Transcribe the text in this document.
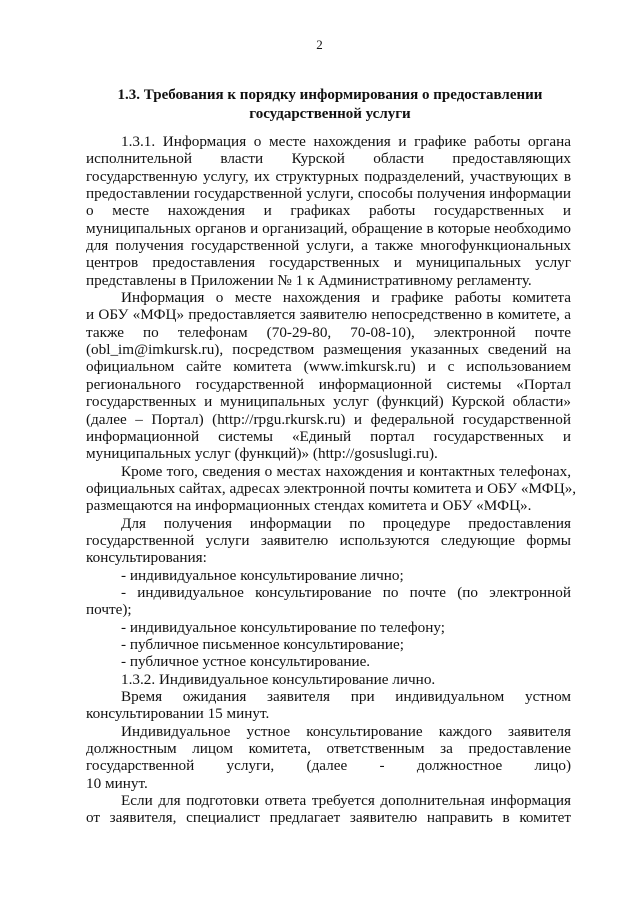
2
1.3. Требования к порядку информирования о предоставлении государственной услуги
1.3.1. Информация о месте нахождения и графике работы органа
исполнительной власти Курской области предоставляющих
государственную услугу, их структурных подразделений, участвующих в
предоставлении государственной услуги, способы получения информации
о месте нахождения и графиках работы государственных и
муниципальных органов и организаций, обращение в которые необходимо
для получения государственной услуги, а также многофункциональных
центров предоставления государственных и муниципальных услуг
представлены в Приложении № 1 к Административному регламенту.
Информация о месте нахождения и графике работы комитета
и ОБУ «МФЦ» предоставляется заявителю непосредственно в комитете, а
также по телефонам (70-29-80, 70-08-10), электронной почте
(obl_im@imkursk.ru), посредством размещения указанных сведений на
официальном сайте комитета (www.imkursk.ru) и с использованием
регионального государственной информационной системы «Портал
государственных и муниципальных услуг (функций) Курской области»
(далее – Портал) (http://rpgu.rkursk.ru) и федеральной государственной
информационной системы «Единый портал государственных и
муниципальных услуг (функций)» (http://gosuslugi.ru).
Кроме того, сведения о местах нахождения и контактных телефонах,
официальных сайтах, адресах электронной почты комитета и ОБУ «МФЦ»,
размещаются на информационных стендах комитета и ОБУ «МФЦ».
Для получения информации по процедуре предоставления
государственной услуги заявителю используются следующие формы
консультирования:
- индивидуальное консультирование лично;
- индивидуальное консультирование по почте (по электронной
почте);
- индивидуальное консультирование по телефону;
- публичное письменное консультирование;
- публичное устное консультирование.
1.3.2. Индивидуальное консультирование лично.
Время ожидания заявителя при индивидуальном устном
консультировании 15 минут.
Индивидуальное устное консультирование каждого заявителя
должностным лицом комитета, ответственным за предоставление
государственной услуги, (далее - должностное лицо)
10 минут.
Если для подготовки ответа требуется дополнительная информация
от заявителя, специалист предлагает заявителю направить в комитет
